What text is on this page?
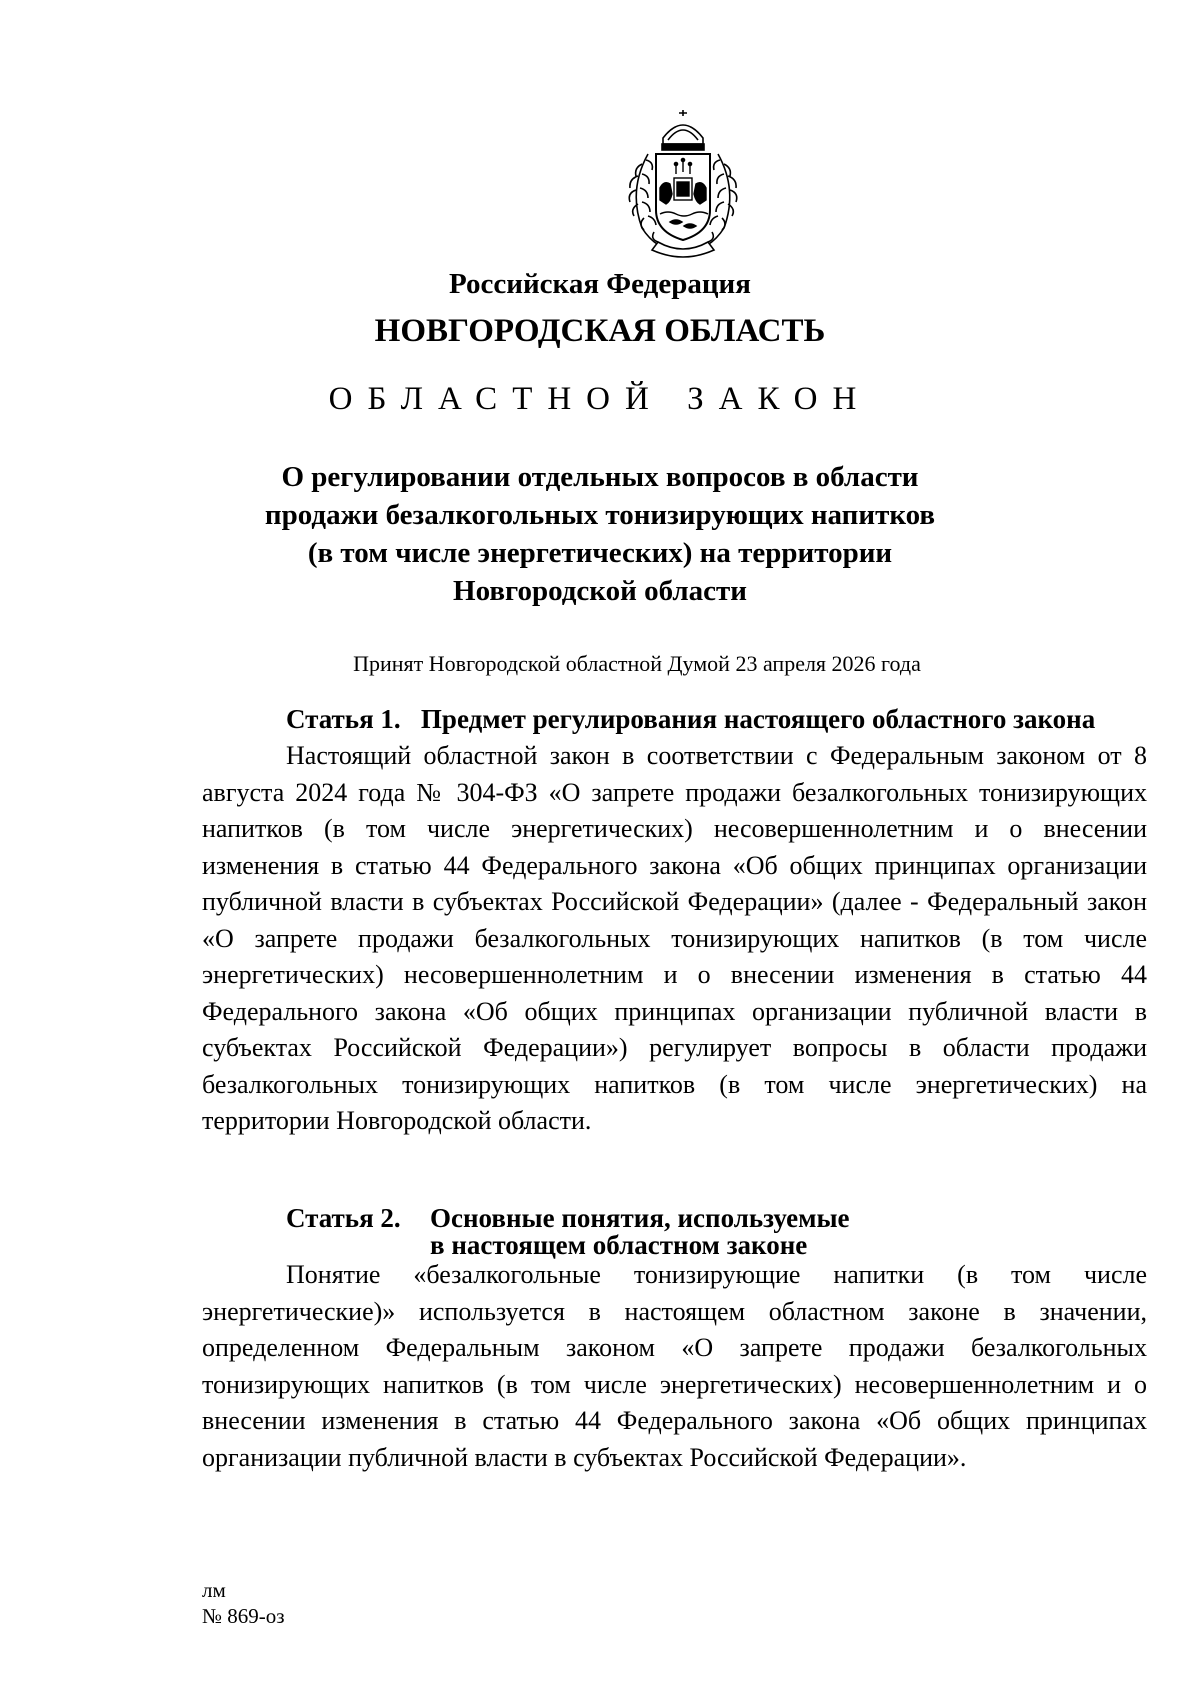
Российская Федерация
НОВГОРОДСКАЯ ОБЛАСТЬ
ОБЛАСТНОЙ ЗАКОН
О регулировании отдельных вопросов в области
продажи безалкогольных тонизирующих напитков
(в том числе энергетических) на территории
Новгородской области
Принят Новгородской областной Думой 23 апреля 2026 года
Статья 1.   Предмет регулирования настоящего областного закона

Настоящий областной закон в соответствии с Федеральным законом от 8 августа 2024 года № 304-ФЗ «О запрете продажи безалкогольных тонизирующих напитков (в том числе энергетических) несовершеннолетним и о внесении изменения в статью 44 Федерального закона «Об общих принципах организации публичной власти в субъектах Российской Федерации» (далее - Федеральный закон «О запрете продажи безалкогольных тонизирующих напитков (в том числе энергетических) несовершеннолетним и о внесении изменения в статью 44 Федерального закона «Об общих принципах организации публичной власти в субъектах Российской Федерации») регулирует вопросы в области продажи безалкогольных тонизирующих напитков (в том числе энергетических) на территории Новгородской области.

Статья 2. Основные понятия, используемые
в настоящем областном законе

Понятие «безалкогольные тонизирующие напитки (в том числе энергетические)» используется в настоящем областном законе в значении, определенном Федеральным законом «О запрете продажи безалкогольных тонизирующих напитков (в том числе энергетических) несовершеннолетним и о внесении изменения в статью 44 Федерального закона «Об общих принципах организации публичной власти в субъектах Российской Федерации».

лм
№ 869-оз
